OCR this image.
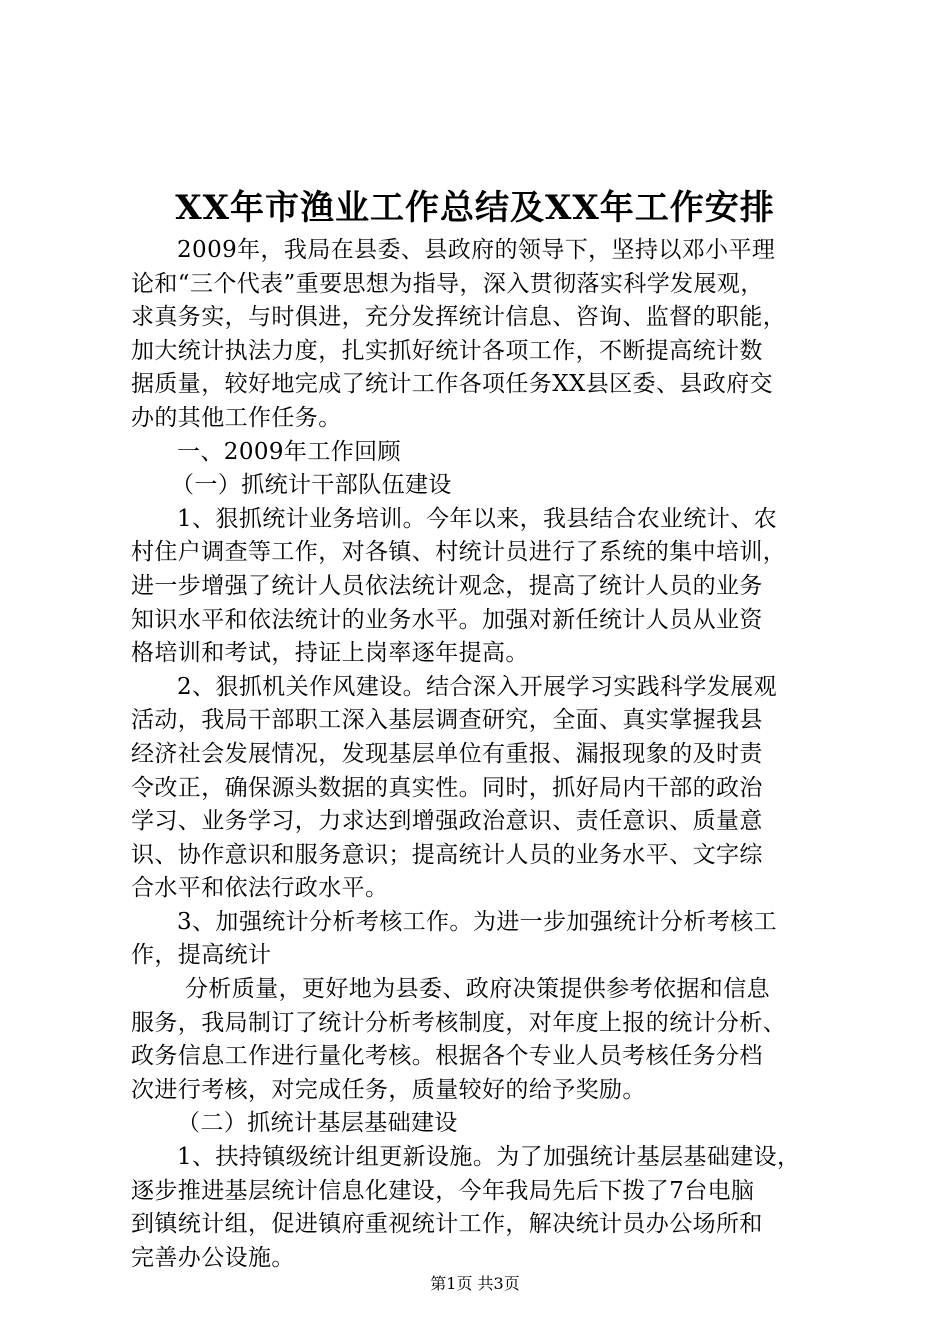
XX年市渔业工作总结及XX年工作安排
2009年，我局在县委、县政府的领导下，坚持以邓小平理
论和“三个代表”重要思想为指导，深入贯彻落实科学发展观，
求真务实，与时俱进，充分发挥统计信息、咨询、监督的职能，
加大统计执法力度，扎实抓好统计各项工作，不断提高统计数
据质量，较好地完成了统计工作各项任务XX县区委、县政府交
办的其他工作任务。
一、2009年工作回顾
（一）抓统计干部队伍建设
1、狠抓统计业务培训。今年以来，我县结合农业统计、农
村住户调查等工作，对各镇、村统计员进行了系统的集中培训，
进一步增强了统计人员依法统计观念，提高了统计人员的业务
知识水平和依法统计的业务水平。加强对新任统计人员从业资
格培训和考试，持证上岗率逐年提高。
2、狠抓机关作风建设。结合深入开展学习实践科学发展观
活动，我局干部职工深入基层调查研究，全面、真实掌握我县
经济社会发展情况，发现基层单位有重报、漏报现象的及时责
令改正，确保源头数据的真实性。同时，抓好局内干部的政治
学习、业务学习，力求达到增强政治意识、责任意识、质量意
识、协作意识和服务意识；提高统计人员的业务水平、文字综
合水平和依法行政水平。
3、加强统计分析考核工作。为进一步加强统计分析考核工
作，提高统计
分析质量，更好地为县委、政府决策提供参考依据和信息
服务，我局制订了统计分析考核制度，对年度上报的统计分析、
政务信息工作进行量化考核。根据各个专业人员考核任务分档
次进行考核，对完成任务，质量较好的给予奖励。
（二）抓统计基层基础建设
1、扶持镇级统计组更新设施。为了加强统计基层基础建设，
逐步推进基层统计信息化建设，今年我局先后下拨了7台电脑
到镇统计组，促进镇府重视统计工作，解决统计员办公场所和
完善办公设施。
第1页 共3页
